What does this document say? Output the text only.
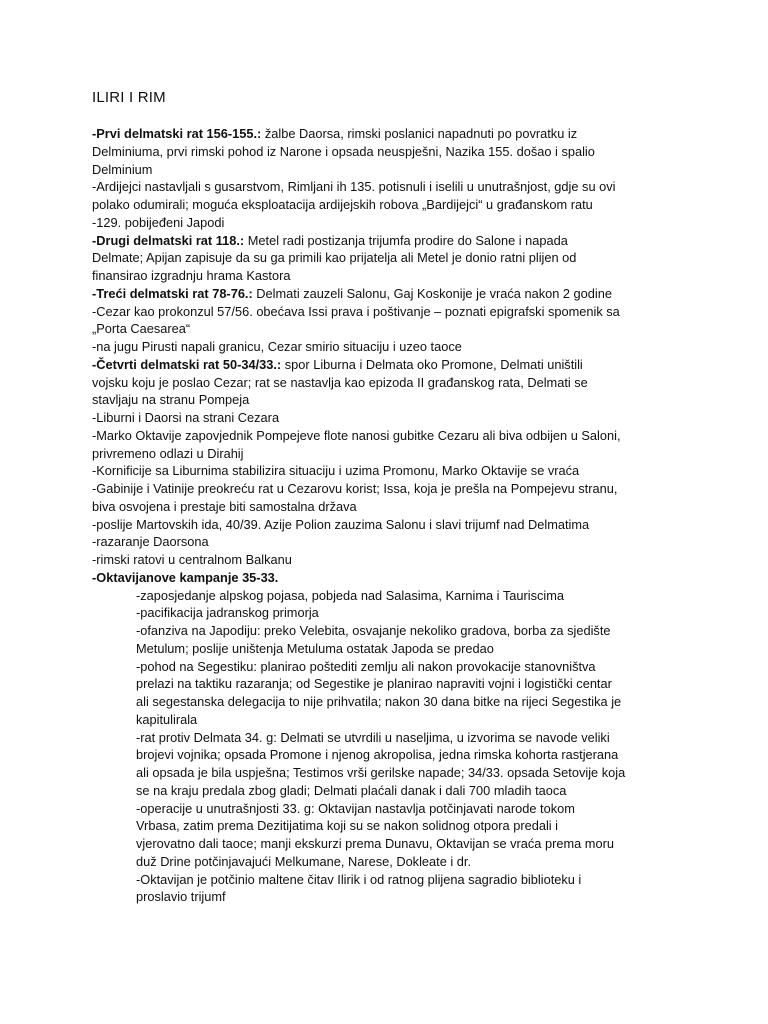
ILIRI I RIM
-Prvi delmatski rat 156-155.: žalbe Daorsa, rimski poslanici napadnuti po povratku iz
Delminiuma, prvi rimski pohod iz Narone i opsada neuspješni, Nazika 155. došao i spalio
Delminium
-Ardijejci nastavljali s gusarstvom, Rimljani ih 135. potisnuli i iselili u unutrašnjost, gdje su ovi
polako odumirali; moguća eksploatacija ardijejskih robova „Bardijejci“ u građanskom ratu
-129. pobijeđeni Japodi
-Drugi delmatski rat 118.: Metel radi postizanja trijumfa prodire do Salone i napada
Delmate; Apijan zapisuje da su ga primili kao prijatelja ali Metel je donio ratni plijen od
finansirao izgradnju hrama Kastora
-Treći delmatski rat 78-76.: Delmati zauzeli Salonu, Gaj Koskonije je vraća nakon 2 godine
-Cezar kao prokonzul 57/56. obećava Issi prava i poštivanje – poznati epigrafski spomenik sa
„Porta Caesarea“
-na jugu Pirusti napali granicu, Cezar smirio situaciju i uzeo taoce
-Četvrti delmatski rat 50-34/33.: spor Liburna i Delmata oko Promone, Delmati uništili
vojsku koju je poslao Cezar; rat se nastavlja kao epizoda II građanskog rata, Delmati se
stavljaju na stranu Pompeja
-Liburni i Daorsi na strani Cezara
-Marko Oktavije zapovjednik Pompejeve flote nanosi gubitke Cezaru ali biva odbijen u Saloni,
privremeno odlazi u Dirahij
-Kornificije sa Liburnima stabilizira situaciju i uzima Promonu, Marko Oktavije se vraća
-Gabinije i Vatinije preokreću rat u Cezarovu korist; Issa, koja je prešla na Pompejevu stranu,
biva osvojena i prestaje biti samostalna država
-poslije Martovskih ida, 40/39. Azije Polion zauzima Salonu i slavi trijumf nad Delmatima
-razaranje Daorsona
-rimski ratovi u centralnom Balkanu
-Oktavijanove kampanje 35-33.
-zaposjedanje alpskog pojasa, pobjeda nad Salasima, Karnima i Tauriscima
-pacifikacija jadranskog primorja
-ofanziva na Japodiju: preko Velebita, osvajanje nekoliko gradova, borba za sjedište
Metulum; poslije uništenja Metuluma ostatak Japoda se predao
-pohod na Segestiku: planirao poštediti zemlju ali nakon provokacije stanovništva
prelazi na taktiku razaranja; od Segestike je planirao napraviti vojni i logistički centar
ali segestanska delegacija to nije prihvatila; nakon 30 dana bitke na rijeci Segestika je
kapitulirala
-rat protiv Delmata 34. g: Delmati se utvrdili u naseljima, u izvorima se navode veliki
brojevi vojnika; opsada Promone i njenog akropolisa, jedna rimska kohorta rastjerana
ali opsada je bila uspješna; Testimos vrši gerilske napade; 34/33. opsada Setovije koja
se na kraju predala zbog gladi; Delmati plaćali danak i dali 700 mladih taoca
-operacije u unutrašnjosti 33. g: Oktavijan nastavlja potčinjavati narode tokom
Vrbasa, zatim prema Dezitijatima koji su se nakon solidnog otpora predali i
vjerovatno dali taoce; manji ekskurzi prema Dunavu, Oktavijan se vraća prema moru
duž Drine potčinjavajući Melkumane, Narese, Dokleate i dr.
-Oktavijan je potčinio maltene čitav Ilirik i od ratnog plijena sagradio biblioteku i
proslavio trijumf
